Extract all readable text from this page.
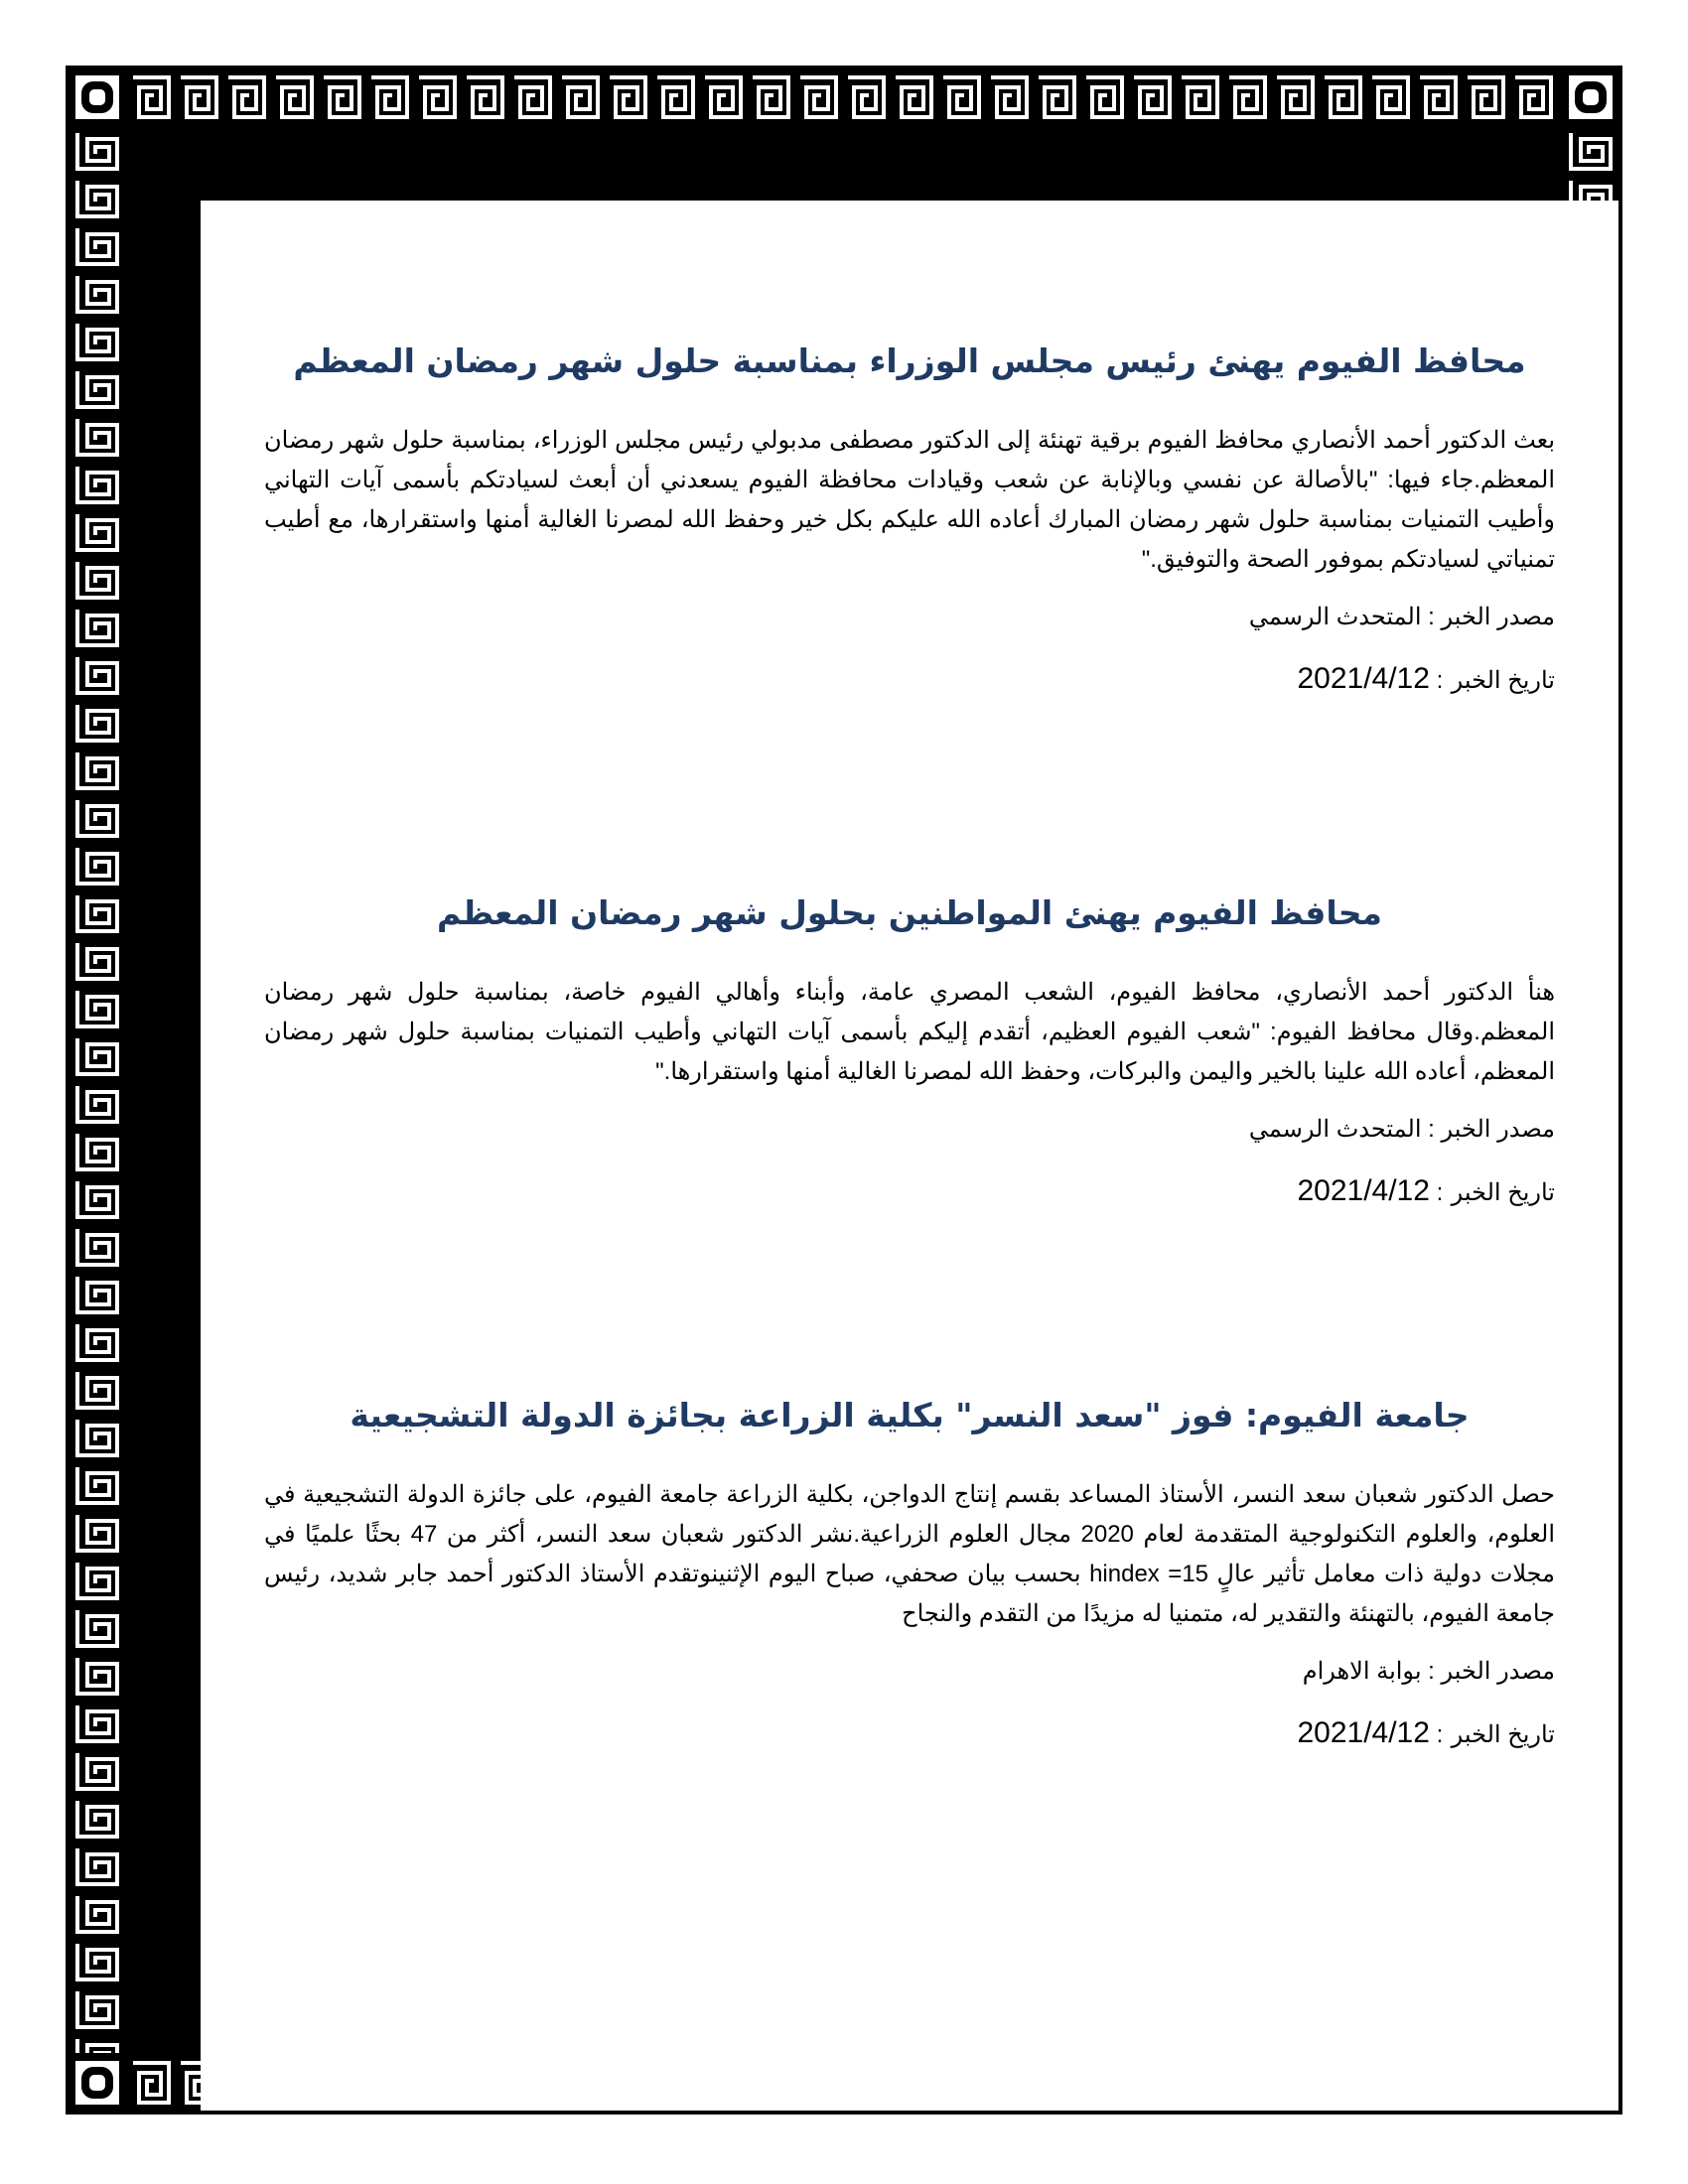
محافظ الفيوم يهنئ رئيس مجلس الوزراء بمناسبة حلول شهر رمضان المعظم

بعث الدكتور أحمد الأنصاري محافظ الفيوم برقية تهنئة إلى الدكتور مصطفى مدبولي رئيس مجلس الوزراء، بمناسبة حلول شهر رمضان المعظم.جاء فيها: "بالأصالة عن نفسي وبالإنابة عن شعب وقيادات محافظة الفيوم يسعدني أن أبعث لسيادتكم بأسمى آيات التهاني وأطيب التمنيات بمناسبة حلول شهر رمضان المبارك أعاده الله عليكم بكل خير وحفظ الله لمصرنا الغالية أمنها واستقرارها، مع أطيب تمنياتي لسيادتكم بموفور الصحة والتوفيق."

مصدر الخبر : المتحدث الرسمي

تاريخ الخبر : 2021/4/12

محافظ الفيوم يهنئ المواطنين بحلول شهر رمضان المعظم

هنأ الدكتور أحمد الأنصاري، محافظ الفيوم، الشعب المصري عامة، وأبناء وأهالي الفيوم خاصة، بمناسبة حلول شهر رمضان المعظم.وقال محافظ الفيوم: "شعب الفيوم العظيم، أتقدم إليكم بأسمى آيات التهاني وأطيب التمنيات بمناسبة حلول شهر رمضان المعظم، أعاده الله علينا بالخير واليمن والبركات، وحفظ الله لمصرنا الغالية أمنها واستقرارها."

مصدر الخبر : المتحدث الرسمي

تاريخ الخبر : 2021/4/12

جامعة الفيوم: فوز "سعد النسر" بكلية الزراعة بجائزة الدولة التشجيعية

حصل الدكتور شعبان سعد النسر، الأستاذ المساعد بقسم إنتاج الدواجن، بكلية الزراعة جامعة الفيوم، على جائزة الدولة التشجيعية في العلوم، والعلوم التكنولوجية المتقدمة لعام 2020 مجال العلوم الزراعية.نشر الدكتور شعبان سعد النسر، أكثر من 47 بحثًا علميًا في مجلات دولية ذات معامل تأثير عالٍ 15= hindex بحسب بيان صحفي، صباح اليوم الإثنينوتقدم الأستاذ الدكتور أحمد جابر شديد، رئيس جامعة الفيوم، بالتهنئة والتقدير له، متمنيا له مزيدًا من التقدم والنجاح

مصدر الخبر : بوابة الاهرام

تاريخ الخبر : 2021/4/12
